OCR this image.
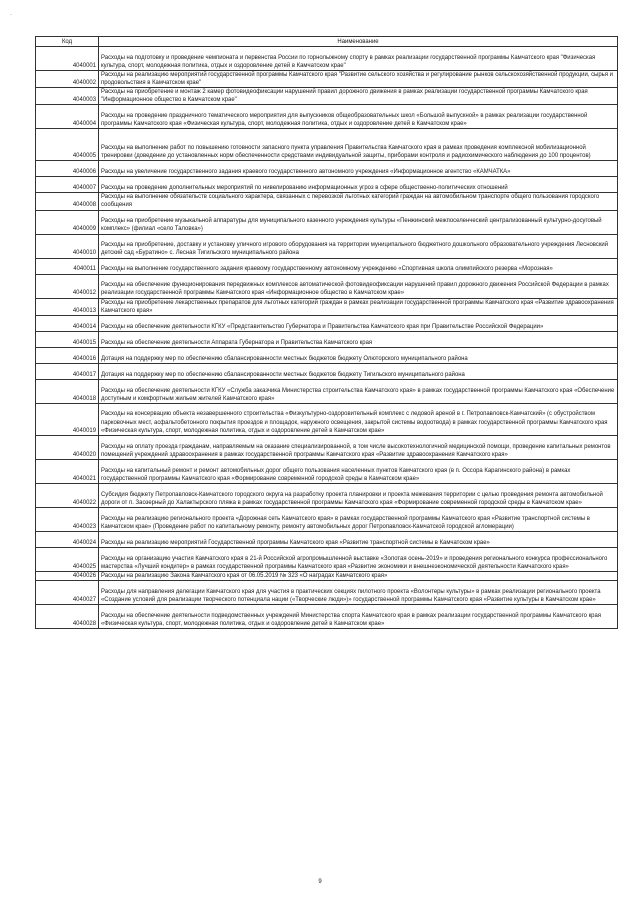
·
Код	Наименование
4040001	Расходы на подготовку и проведение чемпионата и первенства России по горнолыжному спорту в рамках реализации государственной программы Камчатского края "Физическая культура, спорт, молодежная политика, отдых и оздоровление детей в Камчатском крае"
4040002	Расходы на реализацию мероприятий государственной программы Камчатского края "Развитие сельского хозяйства и регулирование рынков сельскохозяйственной продукции, сырья и продовольствия в Камчатском крае"
4040003	Расходы на приобретение и монтаж 2 камер фотовидеофиксации нарушений правил дорожного движения в рамках реализации государственной программы Камчатского края "Информационное общество в Камчатском крае"
4040004	Расходы на проведение праздничного тематического мероприятия для выпускников общеобразовательных школ «Большой выпускной» в рамках реализации государственной программы Камчатского края «Физическая культура, спорт, молодежная политика, отдых и оздоровление детей в Камчатском крае»
4040005	Расходы на выполнение работ по повышению готовности запасного пункта управления Правительства Камчатского края в рамках проведения комплексной мобилизационной тренировки (доведение до установленных норм обеспеченности средствами индивидуальной защиты, приборами контроля и радиохимического наблюдения до 100 процентов)
4040006	Расходы на увеличение государственного задания краевого государственного автономного учреждения «Информационное агентство «КАМЧАТКА»
4040007	Расходы на проведение дополнительных мероприятий по нивелированию информационных угроз в сфере общественно-политических отношений
4040008	Расходы на выполнение обязательств социального характера, связанных с перевозкой льготных категорий граждан на автомобильном транспорте общего пользования городского сообщения
4040009	Расходы на приобретение музыкальной аппаратуры для муниципального казенного учреждения культуры «Пенжинский межпоселенческий централизованный культурно-досуговый комплекс» (филиал «село Таловка»)
4040010	Расходы на приобретение, доставку и установку уличного игрового оборудования на территории муниципального бюджетного дошкольного образовательного учреждения Лесновский детский сад «Буратино» с. Лесная Тигильского муниципального района
4040011	Расходы на выполнение государственного задания краевому государственному автономному учреждению «Спортивная школа олимпийского резерва «Морозная»
4040012	Расходы на обеспечение функционирования передвижных комплексов автоматической фотовидеофиксации нарушений правил дорожного движения Российской Федерации в рамках реализации государственной программы Камчатского края «Информационное общество в Камчатском крае»
4040013	Расходы на приобретение лекарственных препаратов для льготных категорий граждан в рамках реализации государственной программы Камчатского края «Развитие здравоохранения Камчатского края»
4040014	Расходы на обеспечение деятельности КГКУ «Представительство Губернатора и Правительства Камчатского края при Правительстве Российской Федерации»
4040015	Расходы на обеспечение деятельности Аппарата Губернатора и Правительства Камчатского края
4040016	Дотация на поддержку мер по обеспечению сбалансированности местных бюджетов бюджету Олюторского муниципального района
4040017	Дотация на поддержку мер по обеспечению сбалансированности местных бюджетов бюджету Тигильского муниципального района
4040018	Расходы на обеспечение деятельности КГКУ «Служба заказчика Министерства строительства Камчатского края» в рамках государственной программы Камчатского края «Обеспечение доступным и комфортным жильем жителей Камчатского края»
4040019	Расходы на консервацию объекта незавершенного строительства «Физкультурно-оздоровительный комплекс с ледовой ареной в г. Петропавловск-Камчатский» (с обустройством парковочных мест, асфальтобетонного покрытия проездов и площадок, наружного освещения, закрытой системы водоотвода) в рамках государственной программы Камчатского края «Физическая культура, спорт, молодежная политика, отдых и оздоровление детей в Камчатском крае»
4040020	Расходы на оплату проезда гражданам, направляемым на оказание специализированной, в том числе высокотехнологичной медицинской помощи, проведение капитальных ремонтов помещений учреждений здравоохранения в рамках государственной программы Камчатского края «Развитие здравоохранения Камчатского края»
4040021	Расходы на капитальный ремонт и ремонт автомобильных дорог общего пользования населенных пунктов Камчатского края (в п. Оссора Карагинского района) в рамках государственной программы Камчатского края «Формирование современной городской среды в Камчатском крае»
4040022	Субсидия бюджету Петропавловск-Камчатского городского округа на разработку проекта планировки и проекта межевания территории с целью проведения ремонта автомобильной дороги от п. Заозерный до Халактырского пляжа в рамках государственной программы Камчатского края «Формирование современной городской среды в Камчатском крае»
4040023	Расходы на реализацию регионального проекта «Дорожная сеть Камчатского края» в рамках государственной программы Камчатского края «Развитие транспортной системы в Камчатском крае» (Проведение работ по капитальному ремонту, ремонту автомобильных дорог Петропавловск-Камчатской городской агломерации)
4040024	Расходы на реализацию мероприятий Государственной программы Камчатского края «Развитие транспортной системы в Камчатском крае»
4040025	Расходы на организацию участия Камчатского края в 21-й Российской агропромышленной выставке «Золотая осень-2019» и проведения регионального конкурса профессионального мастерства «Лучший кондитер» в рамках государственной программы Камчатского края «Развитие экономики и внешнеэкономической деятельности Камчатского края»
4040026	Расходы на реализацию Закона Камчатского края от 06.05.2019 № 323 «О наградах Камчатского края»
4040027	Расходы для направления делегации Камчатского края для участия в практических секциях пилотного проекта «Волонтеры культуры» в рамках реализации регионального проекта «Создание условий для реализации творческого потенциала нации («Творческие люди»)» государственной программы Камчатского края «Развитие культуры в Камчатском крае»
4040028	Расходы на обеспечение деятельности подведомственных учреждений Министерства спорта Камчатского края в рамках реализации государственной программы Камчатского края «Физическая культура, спорт, молодежная политика, отдых и оздоровление детей в Камчатском крае»
9
